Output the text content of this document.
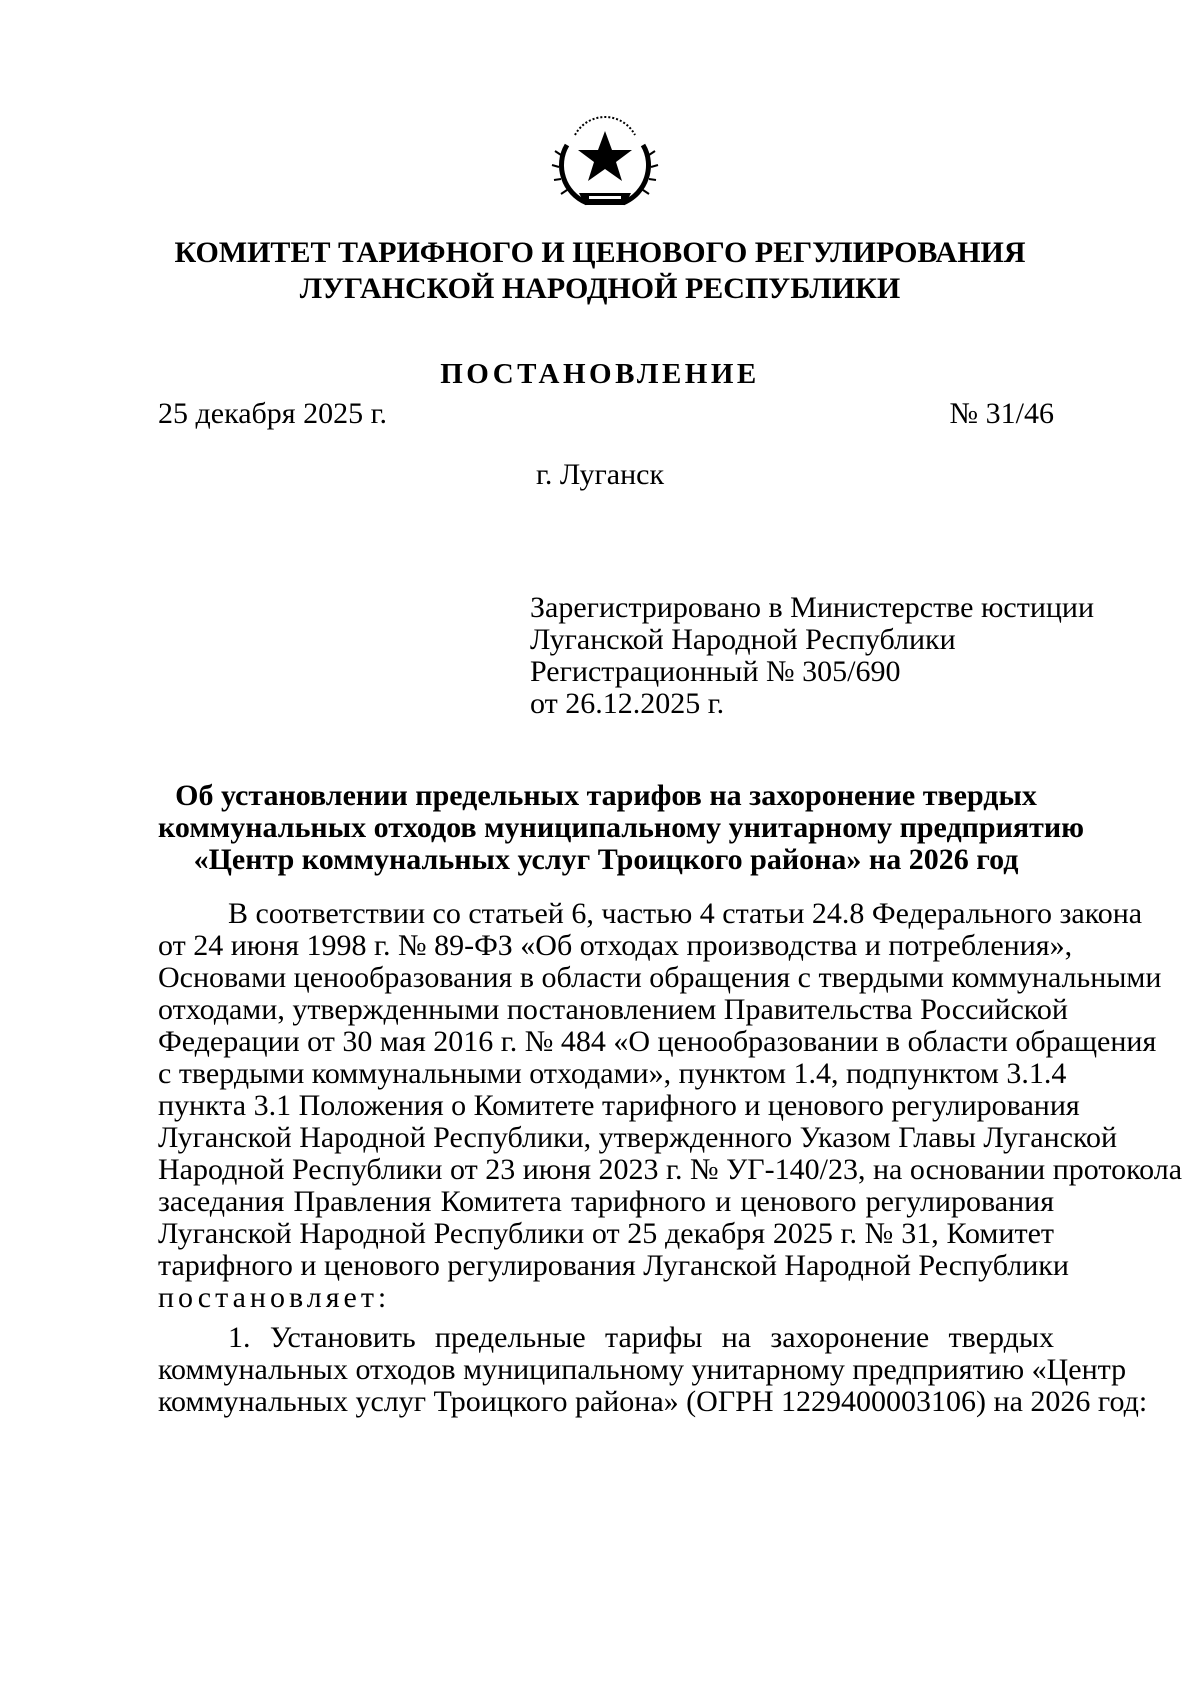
КОМИТЕТ ТАРИФНОГО И ЦЕНОВОГО РЕГУЛИРОВАНИЯ
ЛУГАНСКОЙ НАРОДНОЙ РЕСПУБЛИКИ
ПОСТАНОВЛЕНИЕ
25 декабря 2025 г.	№ 31/46
г. Луганск
Зарегистрировано в Министерстве юстиции
Луганской Народной Республики
Регистрационный № 305/690
от 26.12.2025 г.
Об установлении предельных тарифов на захоронение твердых
коммунальных отходов муниципальному унитарному предприятию
«Центр коммунальных услуг Троицкого района» на 2026 год
В соответствии со статьей 6, частью 4 статьи 24.8 Федерального закона
от 24 июня 1998 г. № 89-ФЗ «Об отходах производства и потребления»,
Основами ценообразования в области обращения с твердыми коммунальными
отходами, утвержденными постановлением Правительства Российской
Федерации от 30 мая 2016 г. № 484 «О ценообразовании в области обращения
с твердыми коммунальными отходами», пунктом 1.4, подпунктом 3.1.4
пункта 3.1 Положения о Комитете тарифного и ценового регулирования
Луганской Народной Республики, утвержденного Указом Главы Луганской
Народной Республики от 23 июня 2023 г. № УГ-140/23, на основании протокола
заседания Правления Комитета тарифного и ценового регулирования
Луганской Народной Республики от 25 декабря 2025 г. № 31, Комитет
тарифного и ценового регулирования Луганской Народной Республики
постановляет:
1. Установить предельные тарифы на захоронение твердых
коммунальных отходов муниципальному унитарному предприятию «Центр
коммунальных услуг Троицкого района» (ОГРН 1229400003106) на 2026 год:
